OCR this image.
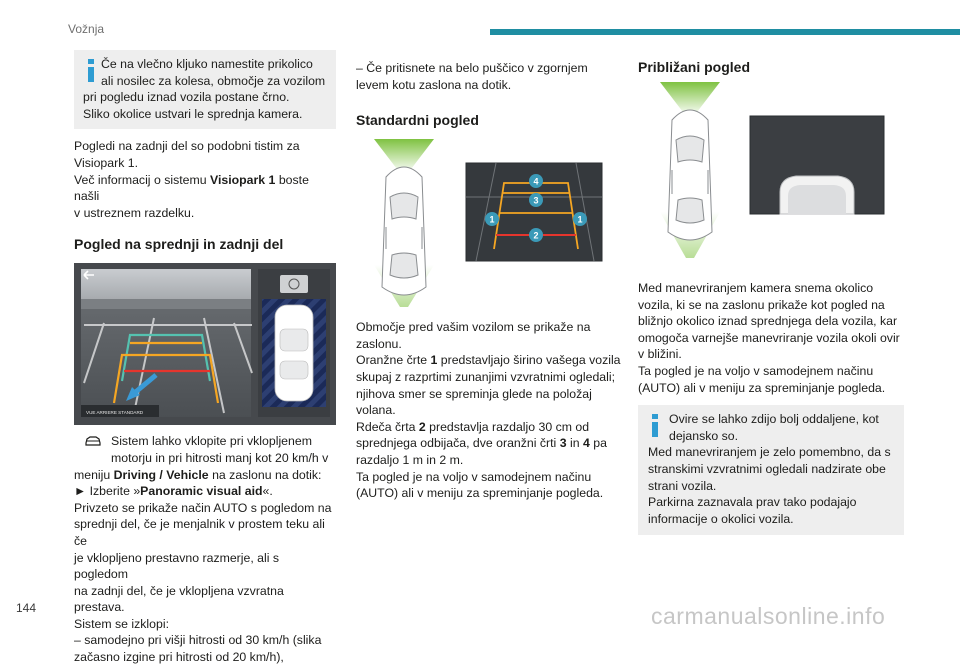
Vožnja

Če na vlečno kljuko namestite prikolico

ali nosilec za kolesa, območje za vozilom

pri pogledu iznad vozila postane črno.

Sliko okolice ustvari le sprednja kamera.

Pogledi na zadnji del so podobni tistim za

Visiopark 1.

Več informacij o sistemu Visiopark 1 boste našli

v ustreznem razdelku.

Pogled na sprednji in zadnji del
VUE ARRIERE STANDARD

Sistem lahko vklopite pri vklopljenem

motorju in pri hitrosti manj kot 20 km/h v

meniju Driving / Vehicle na zaslonu na dotik:

► Izberite »Panoramic visual aid«.

Privzeto se prikaže način AUTO s pogledom na

sprednji del, če je menjalnik v prostem teku ali če

je vklopljeno prestavno razmerje, ali s pogledom

na zadnji del, če je vklopljena vzvratna prestava.

Sistem se izklopi:

– samodejno pri višji hitrosti od 30 km/h (slika

začasno izgine pri hitrosti od 20 km/h),

– Če pritisnete na belo puščico v zgornjem

levem kotu zaslona na dotik.

Standardni pogled
4
3
1
2
1

Območje pred vašim vozilom se prikaže na

zaslonu.

Oranžne črte 1 predstavljajo širino vašega vozila

skupaj z razprtimi zunanjimi vzvratnimi ogledali;

njihova smer se spreminja glede na položaj

volana.

Rdeča črta 2 predstavlja razdaljo 30 cm od

sprednjega odbijača, dve oranžni črti 3 in 4 pa

razdaljo 1 m in 2 m.

Ta pogled je na voljo v samodejnem načinu

(AUTO) ali v meniju za spreminjanje pogleda.

Približani pogled

Med manevriranjem kamera snema okolico

vozila, ki se na zaslonu prikaže kot pogled na

bližnjo okolico iznad sprednjega dela vozila, kar

omogoča varnejše manevriranje vozila okoli ovir

v bližini.

Ta pogled je na voljo v samodejnem načinu

(AUTO) ali v meniju za spreminjanje pogleda.

Ovire se lahko zdijo bolj oddaljene, kot

dejansko so.

Med manevriranjem je zelo pomembno, da s

stranskimi vzvratnimi ogledali nadzirate obe

strani vozila.

Parkirna zaznavala prav tako podajajo

informacije o okolici vozila.

144	carmanualsonline.info
